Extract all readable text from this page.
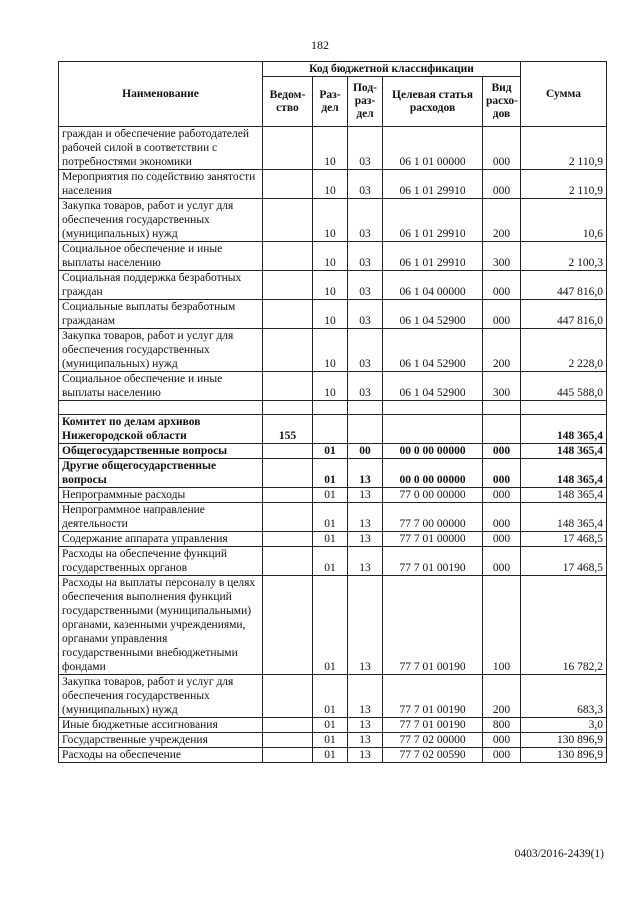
182
Наименование	Код бюджетной классификации					Сумма
	Ведом-ство	Раз-дел	Под-раз-дел	Целевая статья расходов	Вид расхо-дов	
граждан и обеспечение работодателей рабочей силой в соответствии с потребностями экономики		10	03	06 1 01 00000	000	2 110,9
Мероприятия по содействию занятости населения		10	03	06 1 01 29910	000	2 110,9
Закупка товаров, работ и услуг для обеспечения государственных (муниципальных) нужд		10	03	06 1 01 29910	200	10,6
Социальное обеспечение и иные выплаты населению		10	03	06 1 01 29910	300	2 100,3
Социальная поддержка безработных граждан		10	03	06 1 04 00000	000	447 816,0
Социальные выплаты безработным гражданам		10	03	06 1 04 52900	000	447 816,0
Закупка товаров, работ и услуг для обеспечения государственных (муниципальных) нужд		10	03	06 1 04 52900	200	2 228,0
Социальное обеспечение и иные выплаты населению		10	03	06 1 04 52900	300	445 588,0

Комитет по делам архивов Нижегородской области	155					148 365,4
Общегосударственные вопросы		01	00	00 0 00 00000	000	148 365,4
Другие общегосударственные вопросы		01	13	00 0 00 00000	000	148 365,4
Непрограммные расходы		01	13	77 0 00 00000	000	148 365,4
Непрограммное направление деятельности		01	13	77 7 00 00000	000	148 365,4
Содержание аппарата управления		01	13	77 7 01 00000	000	17 468,5
Расходы на обеспечение функций государственных органов		01	13	77 7 01 00190	000	17 468,5
Расходы на выплаты персоналу в целях обеспечения выполнения функций государственными (муниципальными) органами, казенными учреждениями, органами управления государственными внебюджетными фондами		01	13	77 7 01 00190	100	16 782,2
Закупка товаров, работ и услуг для обеспечения государственных (муниципальных) нужд		01	13	77 7 01 00190	200	683,3
Иные бюджетные ассигнования		01	13	77 7 01 00190	800	3,0
Государственные учреждения		01	13	77 7 02 00000	000	130 896,9
Расходы на обеспечение		01	13	77 7 02 00590	000	130 896,9
0403/2016-2439(1)
